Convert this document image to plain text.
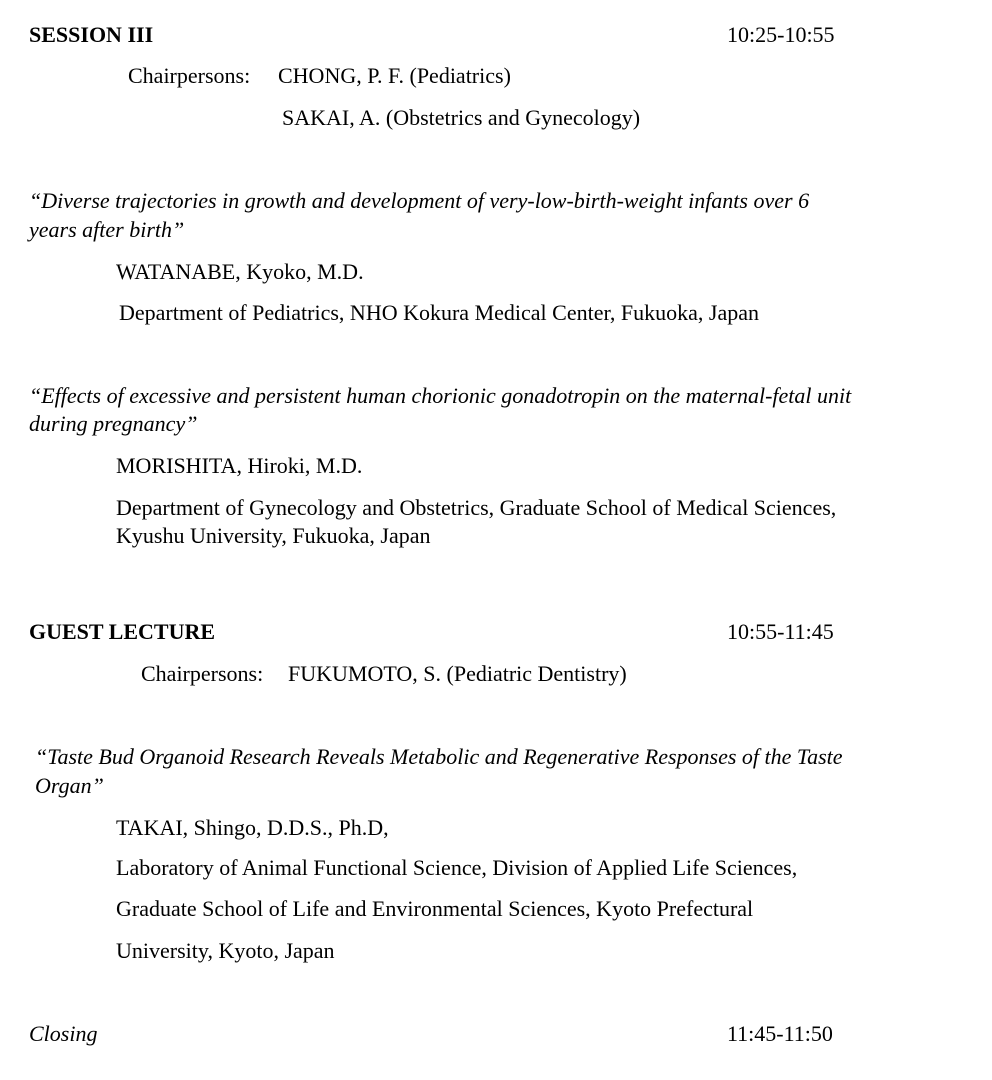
SESSION III	10:25-10:55
Chairpersons: CHONG, P. F. (Pediatrics)
SAKAI, A. (Obstetrics and Gynecology)
“Diverse trajectories in growth and development of very-low-birth-weight infants over 6
years after birth”
WATANABE, Kyoko, M.D.
Department of Pediatrics, NHO Kokura Medical Center, Fukuoka, Japan
“Effects of excessive and persistent human chorionic gonadotropin on the maternal-fetal unit
during pregnancy”
MORISHITA, Hiroki, M.D.
Department of Gynecology and Obstetrics, Graduate School of Medical Sciences,
Kyushu University, Fukuoka, Japan
GUEST LECTURE	10:55-11:45
Chairpersons: FUKUMOTO, S. (Pediatric Dentistry)
“Taste Bud Organoid Research Reveals Metabolic and Regenerative Responses of the Taste
Organ”
TAKAI, Shingo, D.D.S., Ph.D,
Laboratory of Animal Functional Science, Division of Applied Life Sciences,
Graduate School of Life and Environmental Sciences, Kyoto Prefectural
University, Kyoto, Japan
Closing	11:45-11:50
